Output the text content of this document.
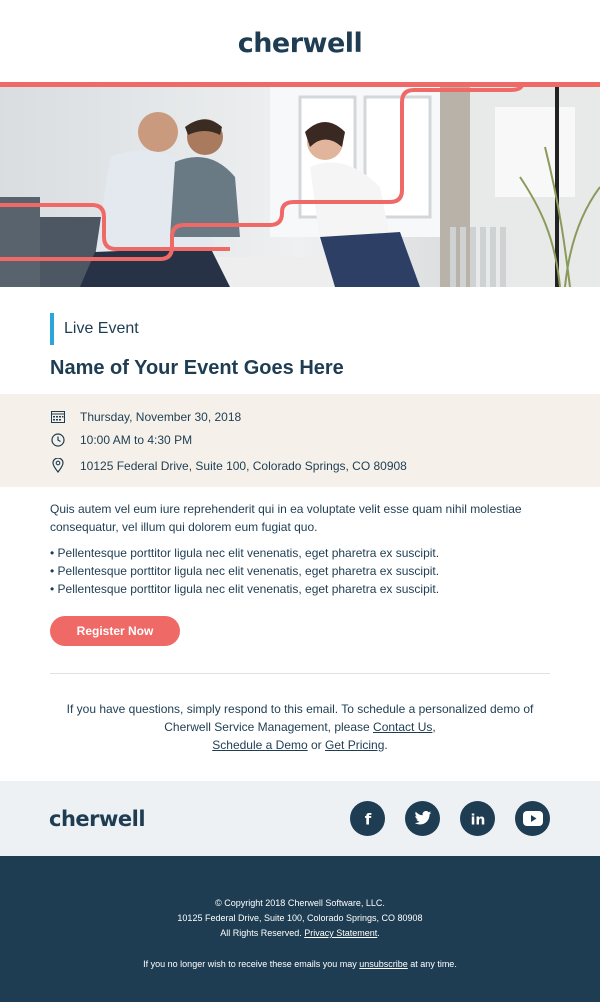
cherwell
Live Event
Name of Your Event Goes Here
Thursday, November 30, 2018
10:00 AM to 4:30 PM
10125 Federal Drive, Suite 100, Colorado Springs, CO 80908

Quis autem vel eum iure reprehenderit qui in ea voluptate velit esse quam nihil molestiae consequatur, vel illum qui dolorem eum fugiat quo.

• Pellentesque porttitor ligula nec elit venenatis, eget pharetra ex suscipit.
• Pellentesque porttitor ligula nec elit venenatis, eget pharetra ex suscipit.
• Pellentesque porttitor ligula nec elit venenatis, eget pharetra ex suscipit.
Register Now
If you have questions, simply respond to this email. To schedule a personalized demo of Cherwell Service Management, please Contact Us,
Schedule a Demo or Get Pricing.
cherwell	f	in
© Copyright 2018 Cherwell Software, LLC.
10125 Federal Drive, Suite 100, Colorado Springs, CO 80908
All Rights Reserved. Privacy Statement.
If you no longer wish to receive these emails you may unsubscribe at any time.
